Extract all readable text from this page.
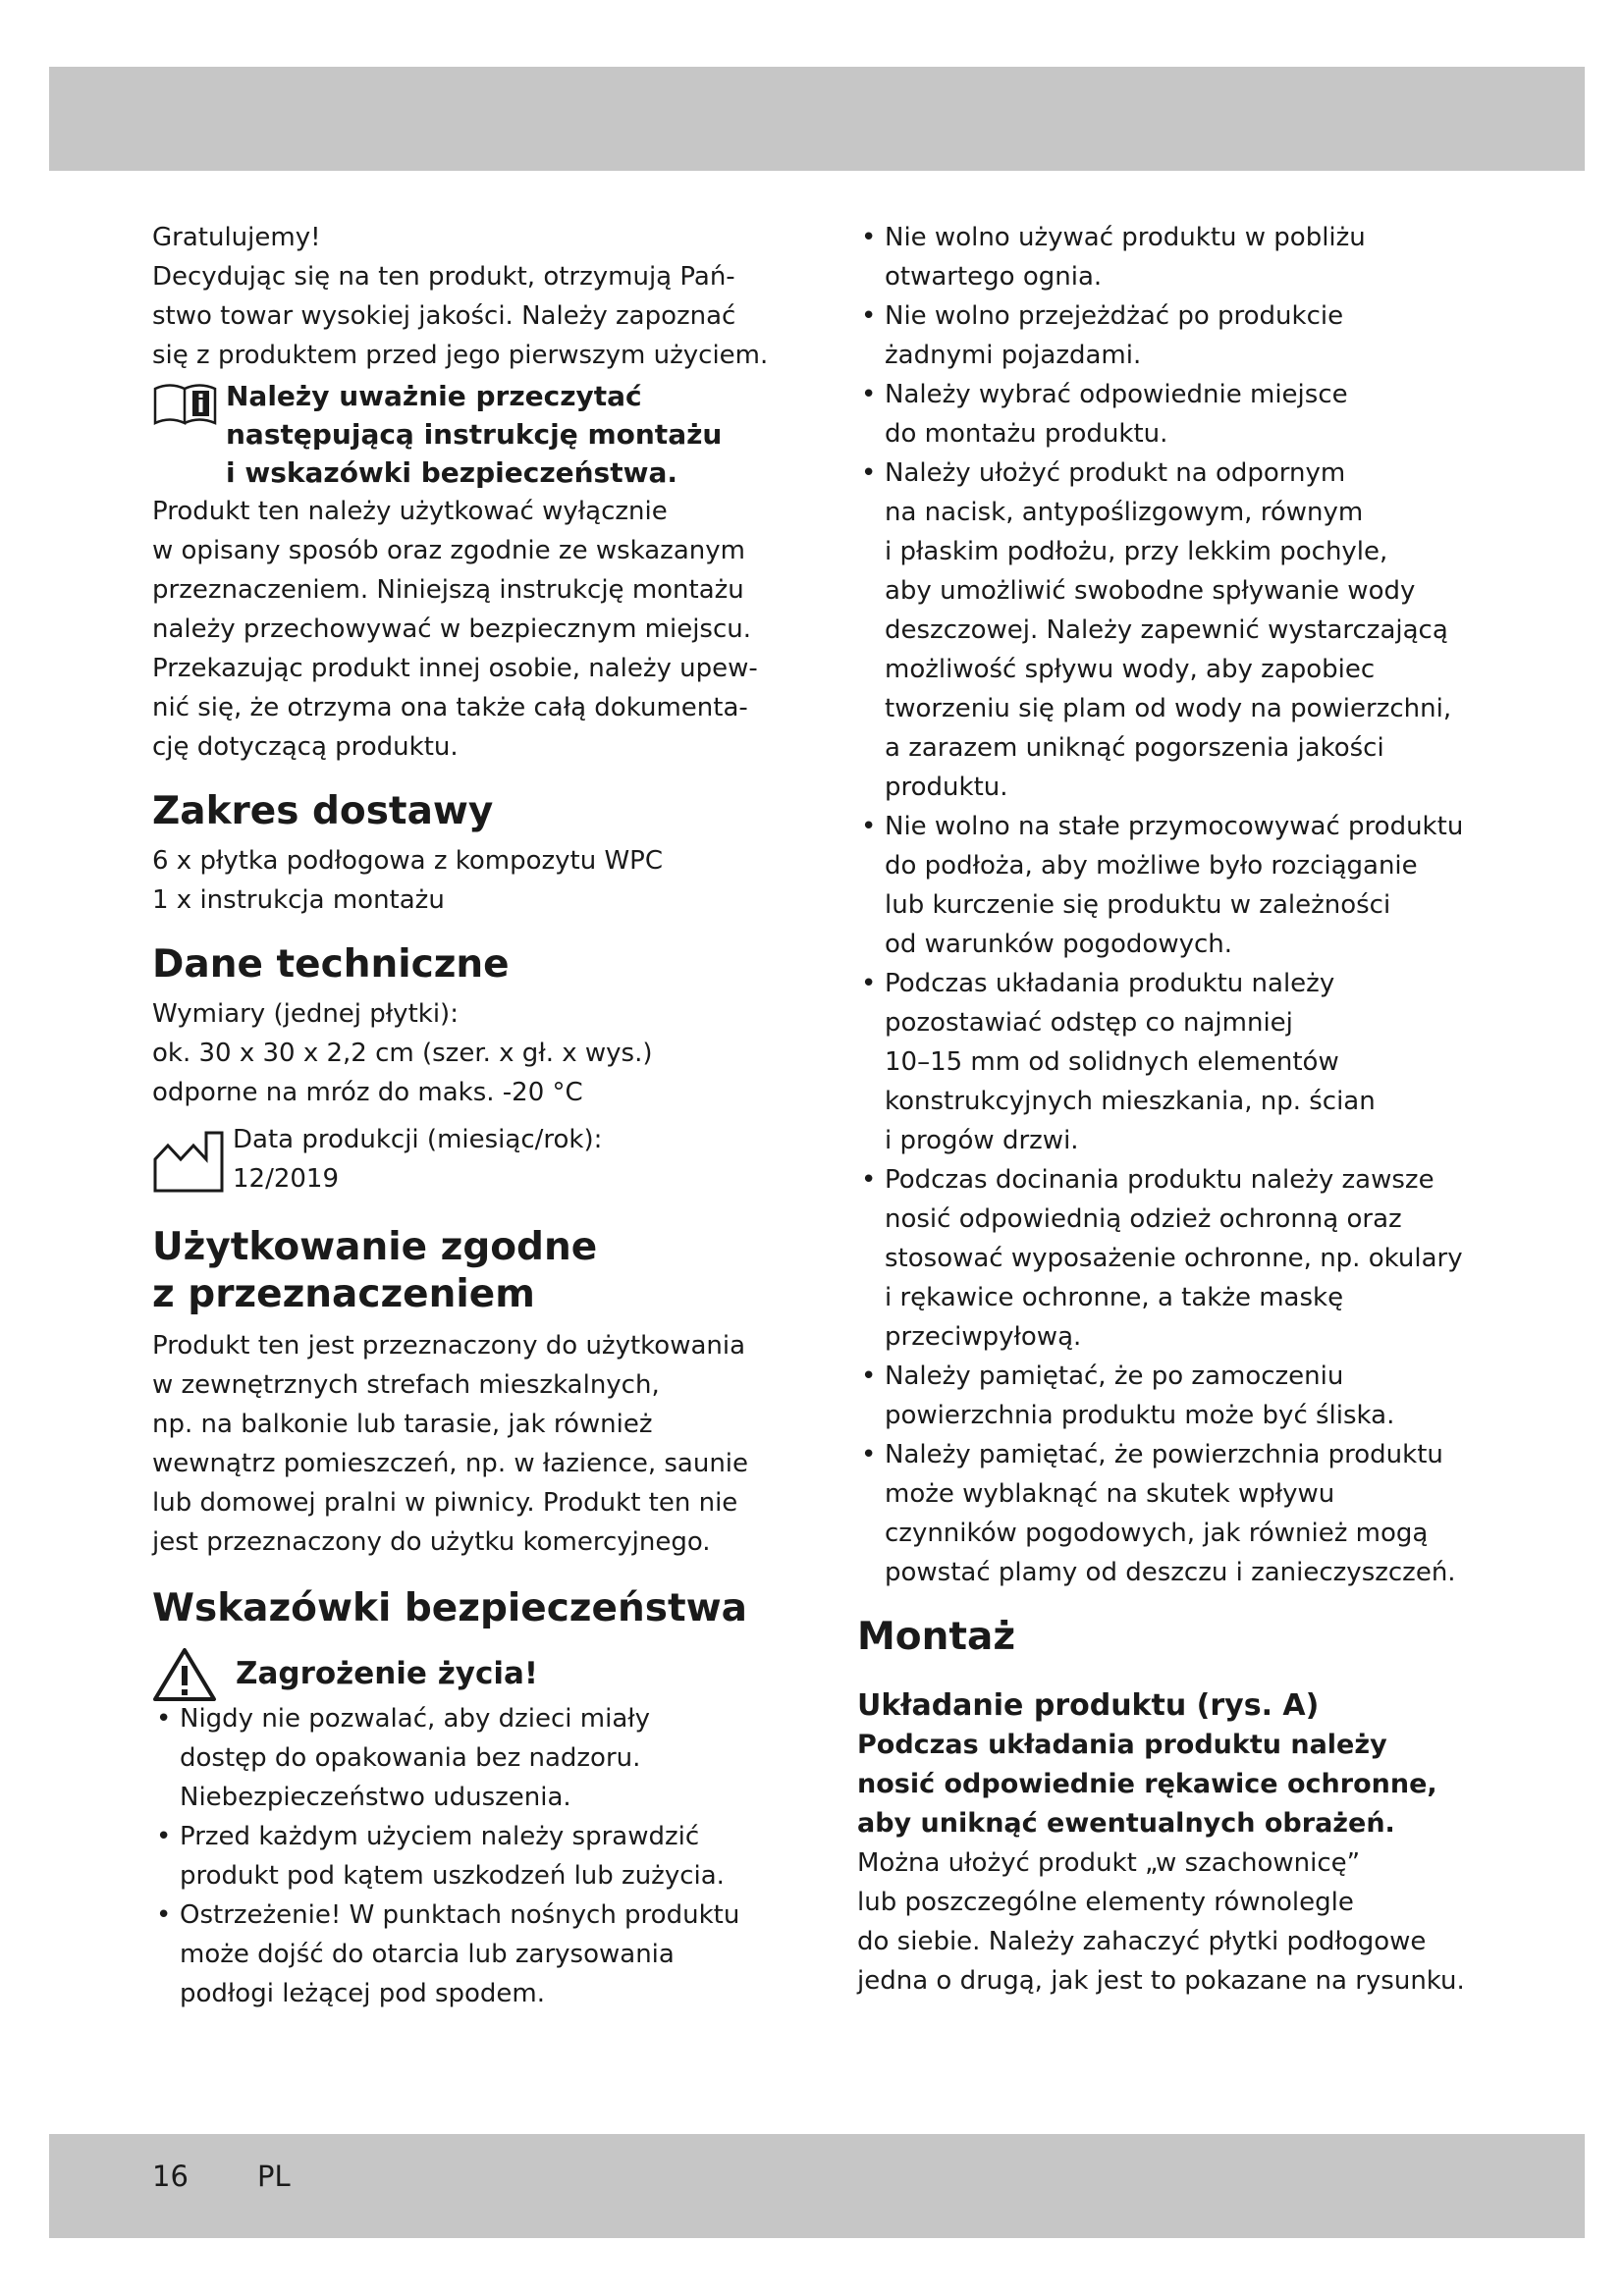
Gratulujemy!

Decydując się na ten produkt, otrzymują Pań-
stwo towar wysokiej jakości. Należy zapoznać
się z produktem przed jego pierwszym użyciem.

Należy uważnie przeczytać
następującą instrukcję montażu
i wskazówki bezpieczeństwa.

Produkt ten należy użytkować wyłącznie
w opisany sposób oraz zgodnie ze wskazanym
przeznaczeniem. Niniejszą instrukcję montażu
należy przechowywać w bezpiecznym miejscu.
Przekazując produkt innej osobie, należy upew-
nić się, że otrzyma ona także całą dokumenta-
cję dotyczącą produktu.

Zakres dostawy

6 x płytka podłogowa z kompozytu WPC
1 x instrukcja montażu

Dane techniczne

Wymiary (jednej płytki):
ok. 30 x 30 x 2,2 cm (szer. x gł. x wys.)
odporne na mróz do maks. -20 °C

Data produkcji (miesiąc/rok):
12/2019

Użytkowanie zgodne
z przeznaczeniem

Produkt ten jest przeznaczony do użytkowania
w zewnętrznych strefach mieszkalnych,
np. na balkonie lub tarasie, jak również
wewnątrz pomieszczeń, np. w łazience, saunie
lub domowej pralni w piwnicy. Produkt ten nie
jest przeznaczony do użytku komercyjnego.

Wskazówki bezpieczeństwa
Zagrożenie życia!
• Nigdy nie pozwalać, aby dzieci miały
dostęp do opakowania bez nadzoru.
Niebezpieczeństwo uduszenia.
• Przed każdym użyciem należy sprawdzić
produkt pod kątem uszkodzeń lub zużycia.
• Ostrzeżenie! W punktach nośnych produktu
może dojść do otarcia lub zarysowania
podłogi leżącej pod spodem.
• Nie wolno używać produktu w pobliżu
otwartego ognia.
• Nie wolno przejeżdżać po produkcie
żadnymi pojazdami.
• Należy wybrać odpowiednie miejsce
do montażu produktu.
• Należy ułożyć produkt na odpornym
na nacisk, antypoślizgowym, równym
i płaskim podłożu, przy lekkim pochyle,
aby umożliwić swobodne spływanie wody
deszczowej. Należy zapewnić wystarczającą
możliwość spływu wody, aby zapobiec
tworzeniu się plam od wody na powierzchni,
a zarazem uniknąć pogorszenia jakości
produktu.
• Nie wolno na stałe przymocowywać produktu
do podłoża, aby możliwe było rozciąganie
lub kurczenie się produktu w zależności
od warunków pogodowych.
• Podczas układania produktu należy
pozostawiać odstęp co najmniej
10–15 mm od solidnych elementów
konstrukcyjnych mieszkania, np. ścian
i progów drzwi.
• Podczas docinania produktu należy zawsze
nosić odpowiednią odzież ochronną oraz
stosować wyposażenie ochronne, np. okulary
i rękawice ochronne, a także maskę
przeciwpyłową.
• Należy pamiętać, że po zamoczeniu
powierzchnia produktu może być śliska.
• Należy pamiętać, że powierzchnia produktu
może wyblaknąć na skutek wpływu
czynników pogodowych, jak również mogą
powstać plamy od deszczu i zanieczyszczeń.
Montaż
Układanie produktu (rys. A)

Podczas układania produktu należy
nosić odpowiednie rękawice ochronne,
aby uniknąć ewentualnych obrażeń.

Można ułożyć produkt „w szachownicę”
lub poszczególne elementy równolegle
do siebie. Należy zahaczyć płytki podłogowe
jedna o drugą, jak jest to pokazane na rysunku.

16 PL
